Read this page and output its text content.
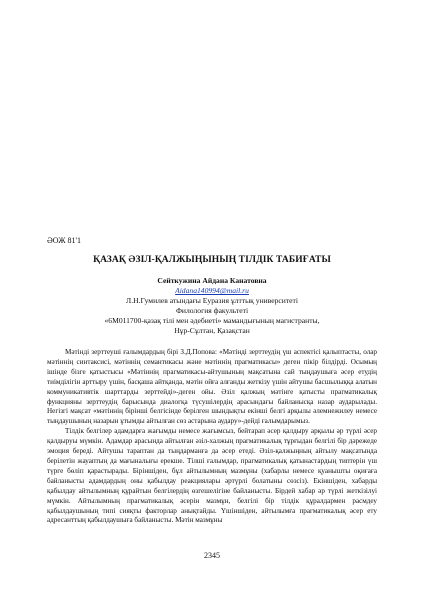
ӘОЖ 81'1
ҚАЗАҚ ӘЗІЛ-ҚАЛЖЫҢЫНЫҢ ТІЛДІК ТАБИҒАТЫ
Сейткужина Айдана Канатовна
Aidana140994@mail.ru
Л.Н.Гумилев атындағы Еуразия ұлттық университеті
Филология факультеті
«6М011700-қазақ тілі мен әдебиеті» мамандығының магистранты,
Нұр-Сұлтан, Қазақстан

Мәтінді зерттеуші ғалымдардың бірі З.Д.Попова: «Мәтінді зерттеудің үш аспектісі қалыптасты, олар мәтіннің синтаксисі, мәтіннің семантикасы және мәтіннің прагматикасы» деген пікір білдірді. Осымың ішінде бізге қатыстысы «Мәтіннің прагматикасы-айтушының мақсатына сай тыңдаушыға әсер етудің тиімділігін арттыру үшін, басқаша айтқанда, мәтін ойға алғанды жеткізу үшін айтушы басшылыққа алатын коммуникативтік шарттарды зерттейді»-деген ойы. Әзіл қалжың мәтінге қатысты прагматикалық функцияны зерттеудің барысында диалогқа түсушілердің арасындағы байланысқа назар аударылады. Негізгі мақсат «мәтіннің бірінші белгісінде берілген шындықты екінші белгі арқылы әлемнежилеу немесе тыңдаушының назарын ұтымды айтылған сөз астарына аудару»-дейді ғалымдарымыз.

Тілдік белгілер адамдарға жағымды немесе жағымсыз, бейтарап әсер қалдыру арқылы әр түрлі әсер қалдыруы мүмкін. Адамдар арасында айтылған әзіл-халжың прагматикалық тұрғыдан белгілі бір дәрежеде эмоция береді. Айтушы тараптан да тыңдарманға да әсер етеді. Әзіл-қалжыңның айтылу мақсатында берілетін жауаптың да мағыналығы ерекше. Тілші ғалымдар, прагматикалық қатынастардың типтерін үш түрге бөліп қарастырады. Біріншіден, бұл айтылымның мазмұны (хабарлы немесе қуанышты оқиғаға байланысты адамдардың оны қабылдау реакциялары әртүрлі болатыны сөзсіз). Екіншіден, хабарды қабылдау айтылымның құрайтын белгілердің өзгешелігіне байланысты. Бірдей хабар әр түрлі жеткізілуі мүмкін. Айтылымның прагматикалық әсерін мазмұн, белгілі бір тілдік құралдармен расмдеу қабылдаушының типі сияқты факторлар анықтайды. Үшіншіден, айтылымға прагматикалық әсер ету адресанттың қабылдаушыға байланысты. Мәтін мазмұны

2345
